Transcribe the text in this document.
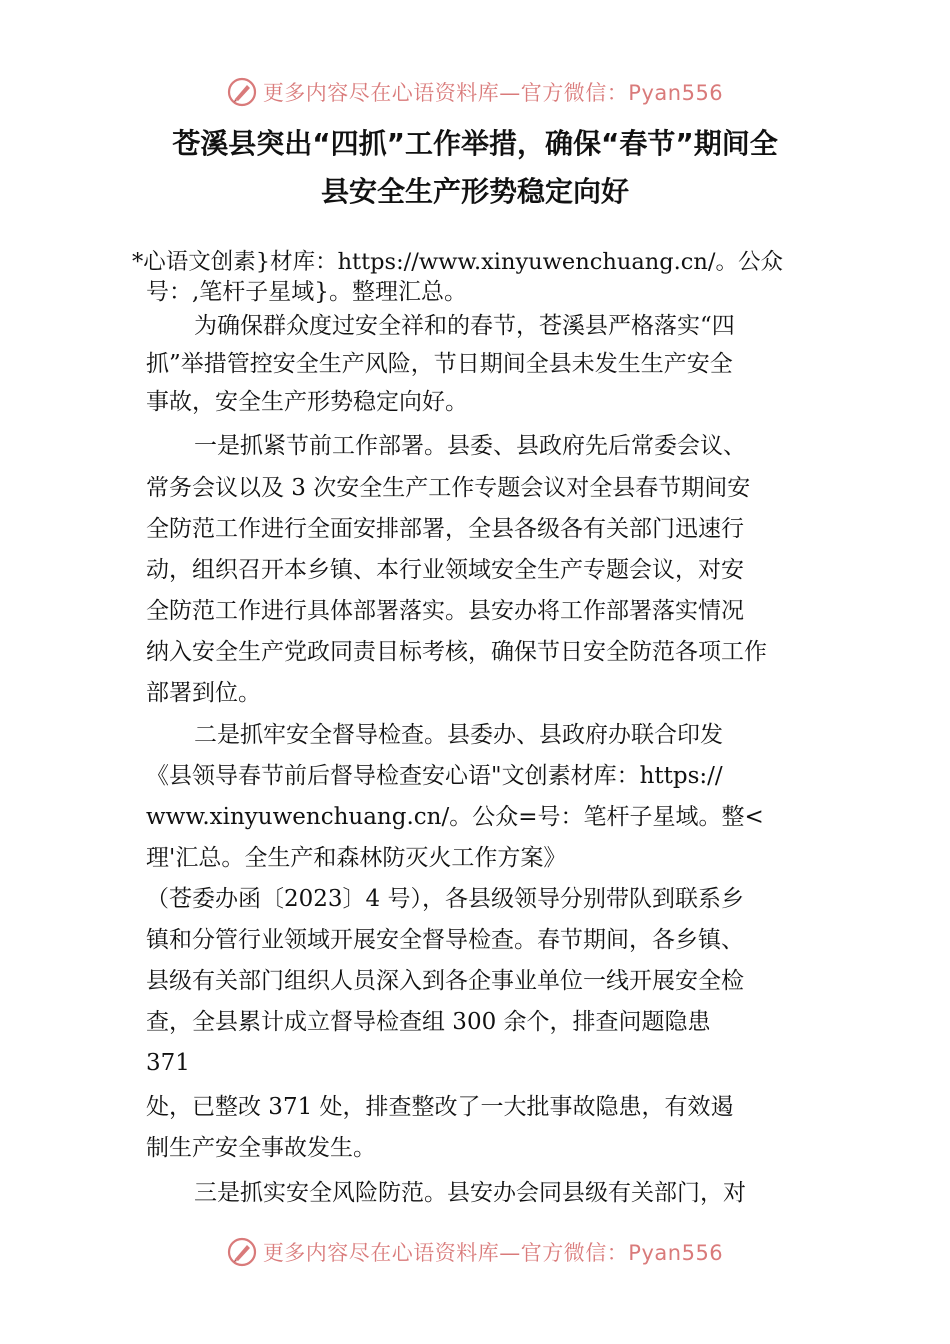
更多内容尽在心语资料库—官方微信：Pyan556
苍溪县突出“四抓”工作举措，确保“春节”期间全
县安全生产形势稳定向好
*心语文创素}材库：https://www.xinyuwenchuang.cn/。公众
号：,笔杆子星域}。整理汇总。
为确保群众度过安全祥和的春节，苍溪县严格落实“四
抓”举措管控安全生产风险，节日期间全县未发生生产安全
事故，安全生产形势稳定向好。
一是抓紧节前工作部署。县委、县政府先后常委会议、
常务会议以及 3 次安全生产工作专题会议对全县春节期间安
全防范工作进行全面安排部署，全县各级各有关部门迅速行
动，组织召开本乡镇、本行业领域安全生产专题会议，对安
全防范工作进行具体部署落实。县安办将工作部署落实情况
纳入安全生产党政同责目标考核，确保节日安全防范各项工作
部署到位。
二是抓牢安全督导检查。县委办、县政府办联合印发
《县领导春节前后督导检查安心语"文创素材库：https://
www.xinyuwenchuang.cn/。公众=号：笔杆子星域。整<
理'汇总。全生产和森林防灭火工作方案》
（苍委办函〔2023〕4 号），各县级领导分别带队到联系乡
镇和分管行业领域开展安全督导检查。春节期间，各乡镇、
县级有关部门组织人员深入到各企事业单位一线开展安全检
查，全县累计成立督导检查组 300 余个，排查问题隐患
371
处，已整改 371 处，排查整改了一大批事故隐患，有效遏
制生产安全事故发生。
三是抓实安全风险防范。县安办会同县级有关部门，对
更多内容尽在心语资料库—官方微信：Pyan556
